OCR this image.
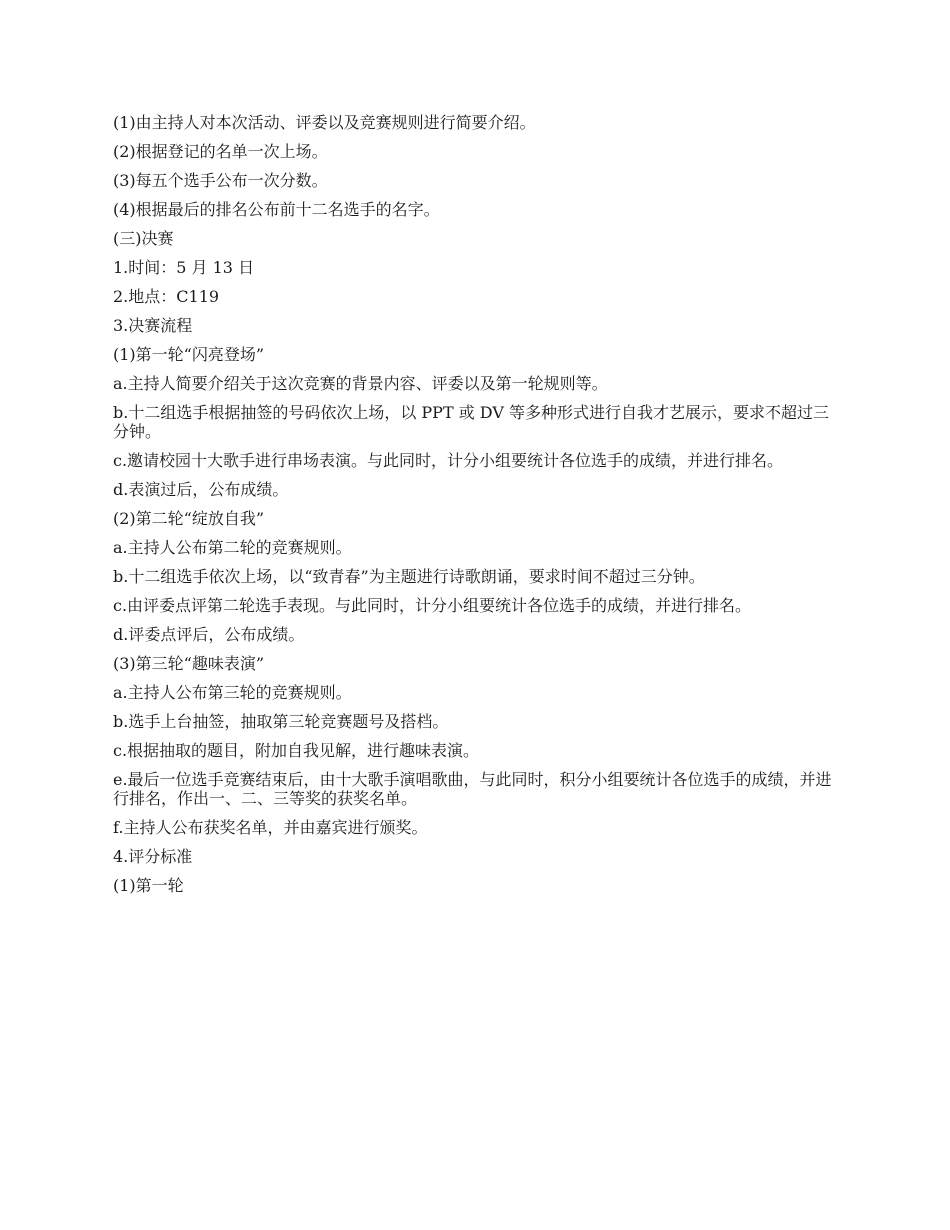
(1)由主持人对本次活动、评委以及竞赛规则进行简要介绍。

(2)根据登记的名单一次上场。

(3)每五个选手公布一次分数。

(4)根据最后的排名公布前十二名选手的名字。

(三)决赛

1.时间：5 月 13 日

2.地点：C119

3.决赛流程

(1)第一轮“闪亮登场”

a.主持人简要介绍关于这次竞赛的背景内容、评委以及第一轮规则等。

b.十二组选手根据抽签的号码依次上场，以 PPT 或 DV 等多种形式进行自我才艺展示，要求不超过三分钟。

c.邀请校园十大歌手进行串场表演。与此同时，计分小组要统计各位选手的成绩，并进行排名。

d.表演过后，公布成绩。

(2)第二轮“绽放自我”

a.主持人公布第二轮的竞赛规则。

b.十二组选手依次上场，以“致青春”为主题进行诗歌朗诵，要求时间不超过三分钟。

c.由评委点评第二轮选手表现。与此同时，计分小组要统计各位选手的成绩，并进行排名。

d.评委点评后，公布成绩。

(3)第三轮“趣味表演”

a.主持人公布第三轮的竞赛规则。

b.选手上台抽签，抽取第三轮竞赛题号及搭档。

c.根据抽取的题目，附加自我见解，进行趣味表演。

e.最后一位选手竞赛结束后，由十大歌手演唱歌曲，与此同时，积分小组要统计各位选手的成绩，并进行排名，作出一、二、三等奖的获奖名单。

f.主持人公布获奖名单，并由嘉宾进行颁奖。

4.评分标准

(1)第一轮
